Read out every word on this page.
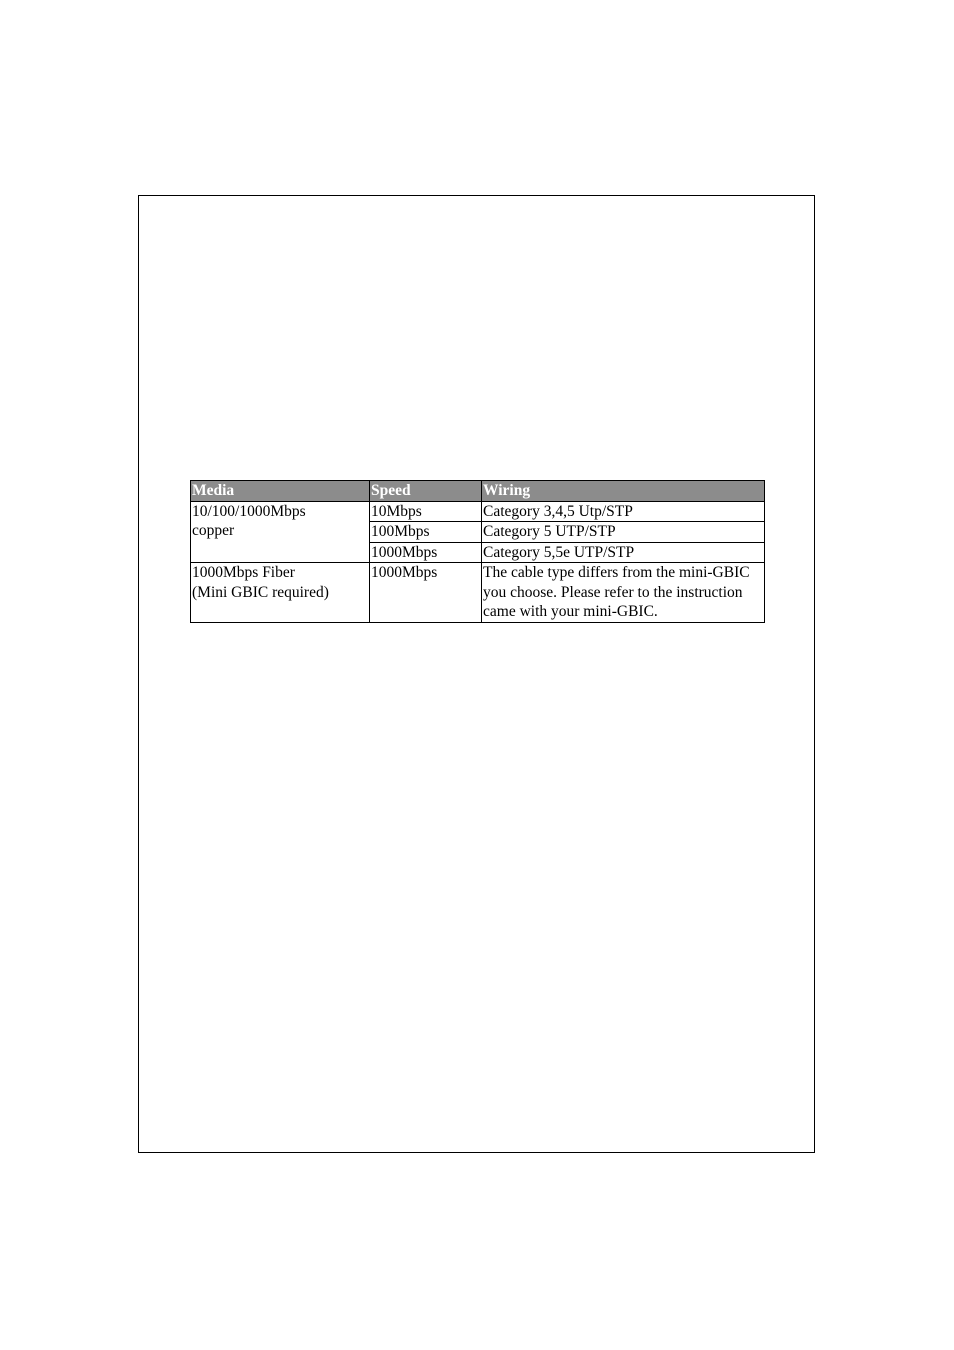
Media	Speed	Wiring

10/100/1000Mbps
copper	10Mbps	Category 3,4,5 Utp/STP
	100Mbps	Category 5 UTP/STP
	1000Mbps	Category 5,5e UTP/STP

1000Mbps Fiber
(Mini GBIC required)	1000Mbps	The cable type differs from the mini-GBIC you choose. Please refer to the instruction came with your mini-GBIC.
